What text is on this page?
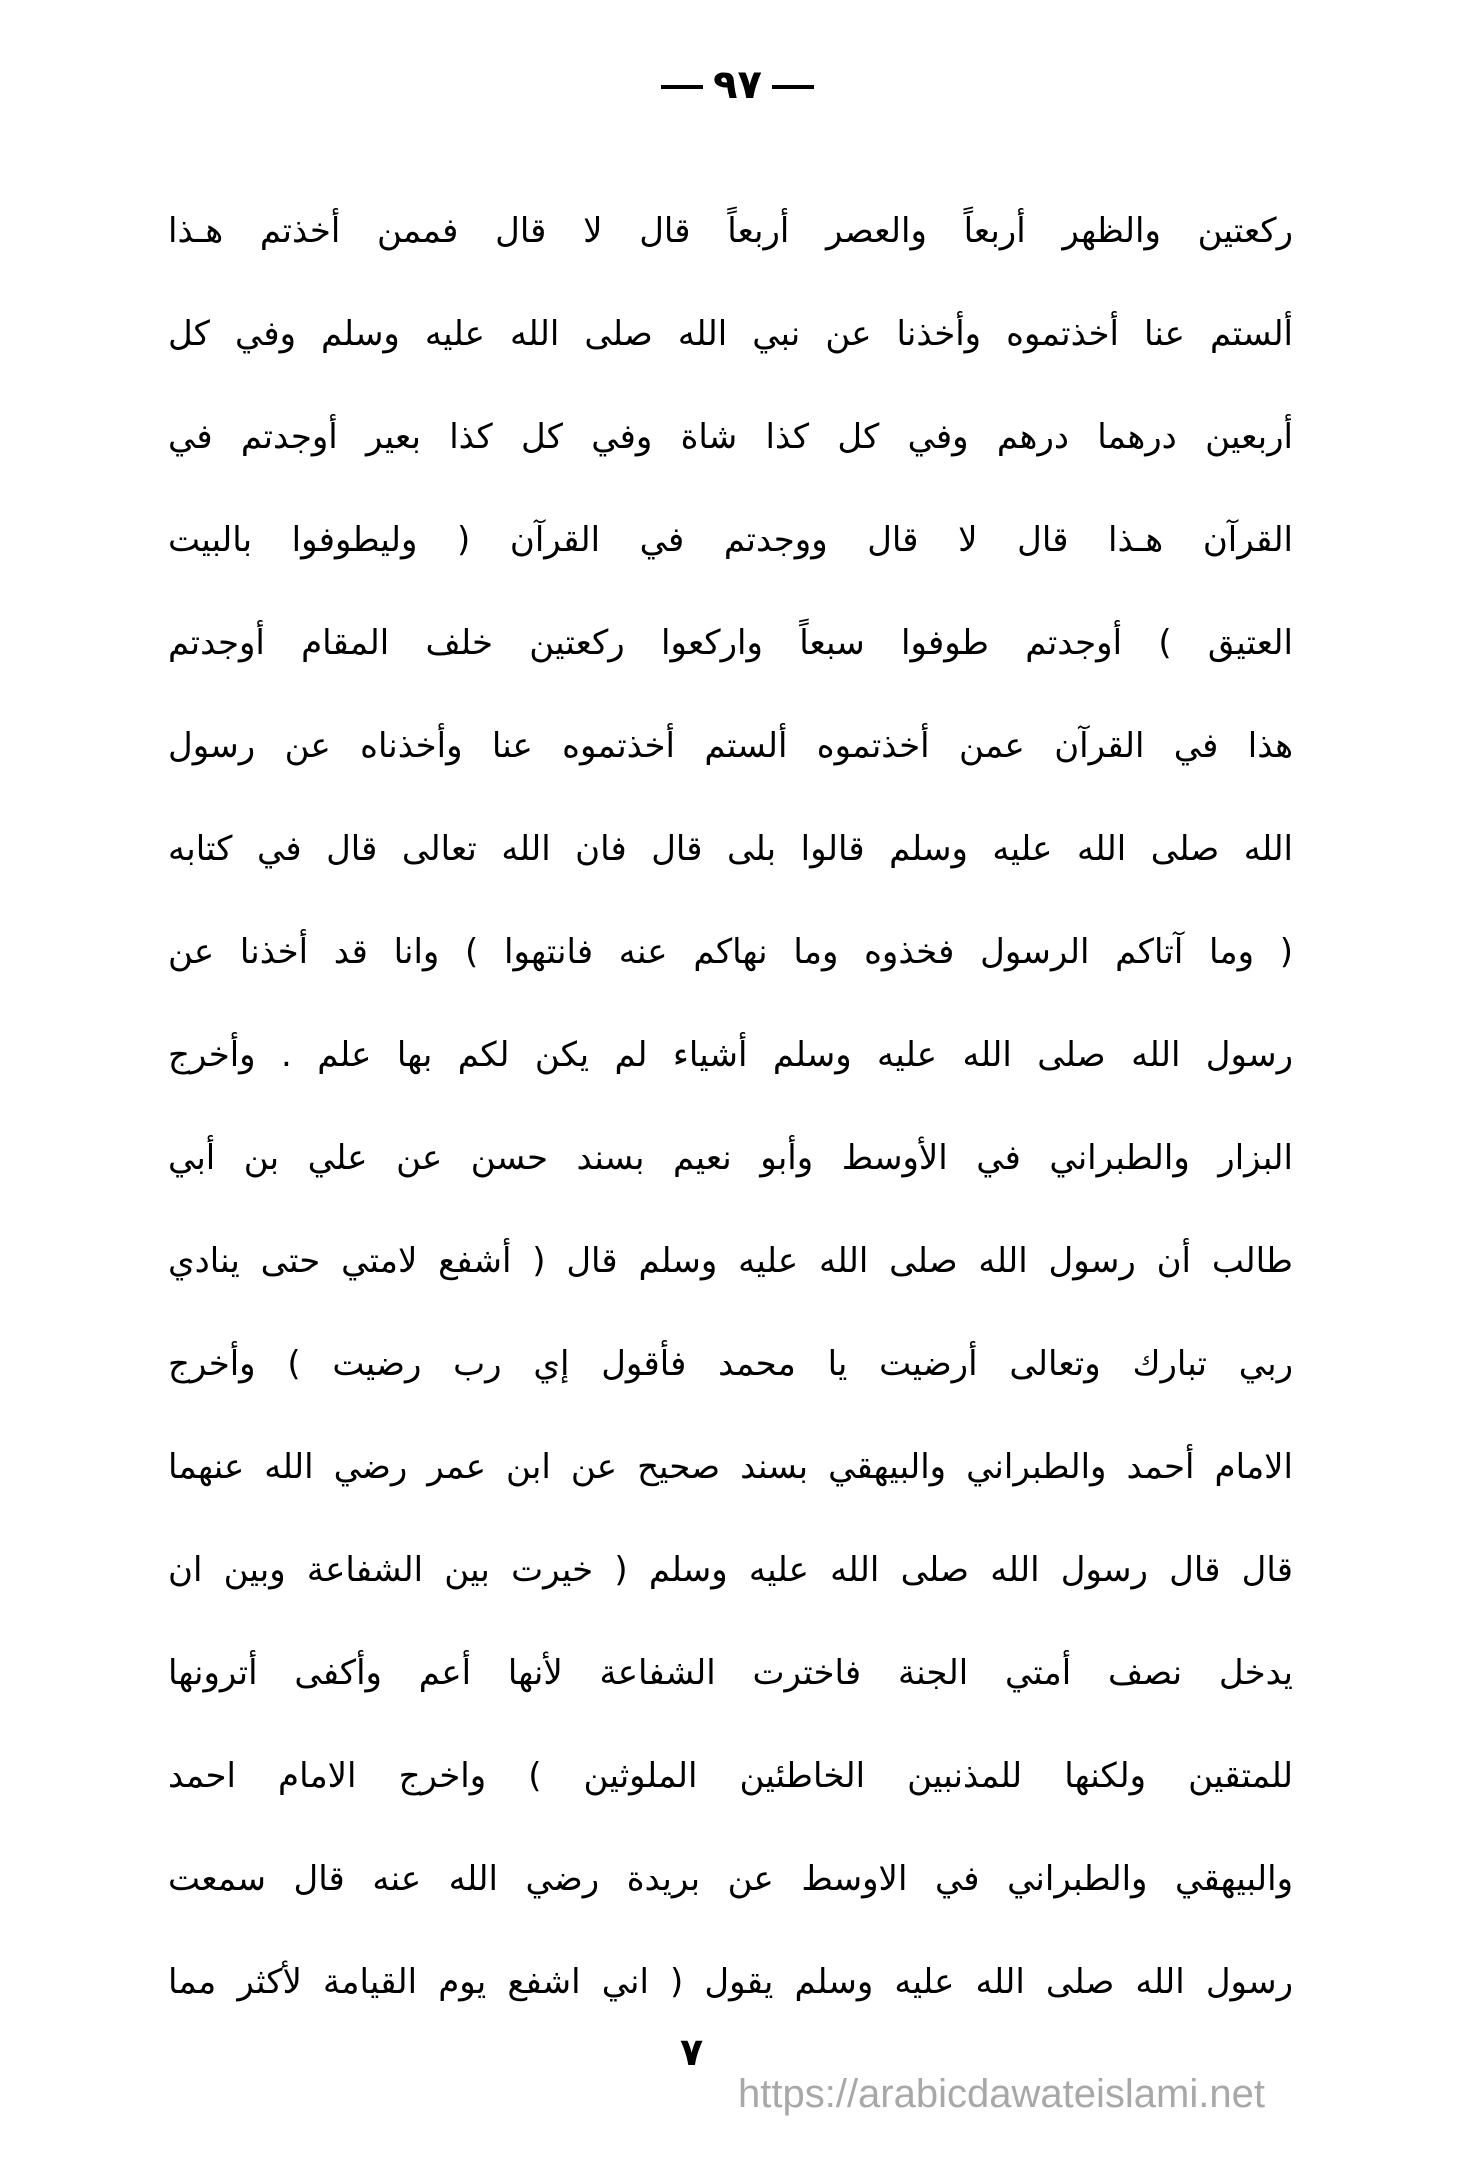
٩٧
ركعتين والظهر أربعاً والعصر أربعاً قال لا قال فممن أخذتم هـذا
ألستم عنا أخذتموه وأخذنا عن نبي الله صلى الله عليه وسلم وفي كل
أربعين درهما درهم وفي كل كذا شاة وفي كل كذا بعير أوجدتم في
القرآن هـذا قال لا قال ووجدتم في القرآن ( وليطوفوا بالبيت
العتيق ) أوجدتم طوفوا سبعاً واركعوا ركعتين خلف المقام أوجدتم
هذا في القرآن عمن أخذتموه ألستم أخذتموه عنا وأخذناه عن رسول
الله صلى الله عليه وسلم قالوا بلى قال فان الله تعالى قال في كتابه
( وما آتاكم الرسول فخذوه وما نهاكم عنه فانتهوا ) وانا قد أخذنا عن
رسول الله صلى الله عليه وسلم أشياء لم يكن لكم بها علم . وأخرج
البزار والطبراني في الأوسط وأبو نعيم بسند حسن عن علي بن أبي
طالب أن رسول الله صلى الله عليه وسلم قال ( أشفع لامتي حتى ينادي
ربي تبارك وتعالى أرضيت يا محمد فأقول إي رب رضيت ) وأخرج
الامام أحمد والطبراني والبيهقي بسند صحيح عن ابن عمر رضي الله عنهما
قال قال رسول الله صلى الله عليه وسلم ( خيرت بين الشفاعة وبين ان
يدخل نصف أمتي الجنة فاخترت الشفاعة لأنها أعم وأكفى أترونها
للمتقين ولكنها للمذنبين الخاطئين الملوثين ) واخرج الامام احمد
والبيهقي والطبراني في الاوسط عن بريدة رضي الله عنه قال سمعت
رسول الله صلى الله عليه وسلم يقول ( اني اشفع يوم القيامة لأكثر مما
٧
https://arabicdawateislami.net
